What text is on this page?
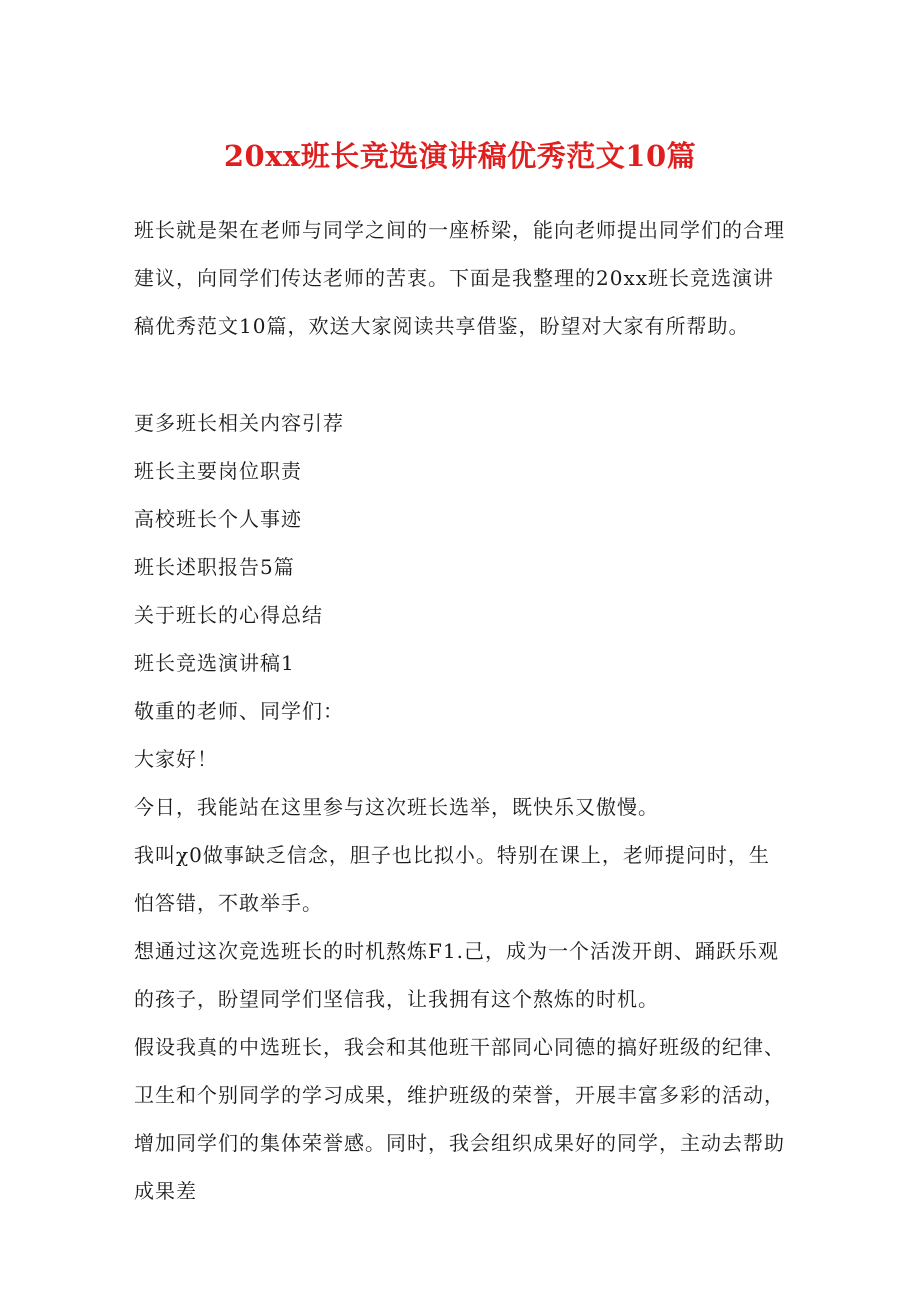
20xx班长竞选演讲稿优秀范文10篇

班长就是架在老师与同学之间的一座桥梁，能向老师提出同学们的合理建议，向同学们传达老师的苦衷。下面是我整理的20xx班长竞选演讲稿优秀范文10篇，欢送大家阅读共享借鉴，盼望对大家有所帮助。

更多班长相关内容引荐
班长主要岗位职责
高校班长个人事迹
班长述职报告5篇
关于班长的心得总结
班长竞选演讲稿1
敬重的老师、同学们：
大家好！
今日，我能站在这里参与这次班长选举，既快乐又傲慢。
我叫χ0做事缺乏信念，胆子也比拟小。特别在课上，老师提问时，生怕答错，不敢举手。
想通过这次竞选班长的时机熬炼F1.己，成为一个活泼开朗、踊跃乐观的孩子，盼望同学们坚信我，让我拥有这个熬炼的时机。
假设我真的中选班长，我会和其他班干部同心同德的搞好班级的纪律、卫生和个别同学的学习成果，维护班级的荣誉，开展丰富多彩的活动，增加同学们的集体荣誉感。同时，我会组织成果好的同学，主动去帮助成果差
